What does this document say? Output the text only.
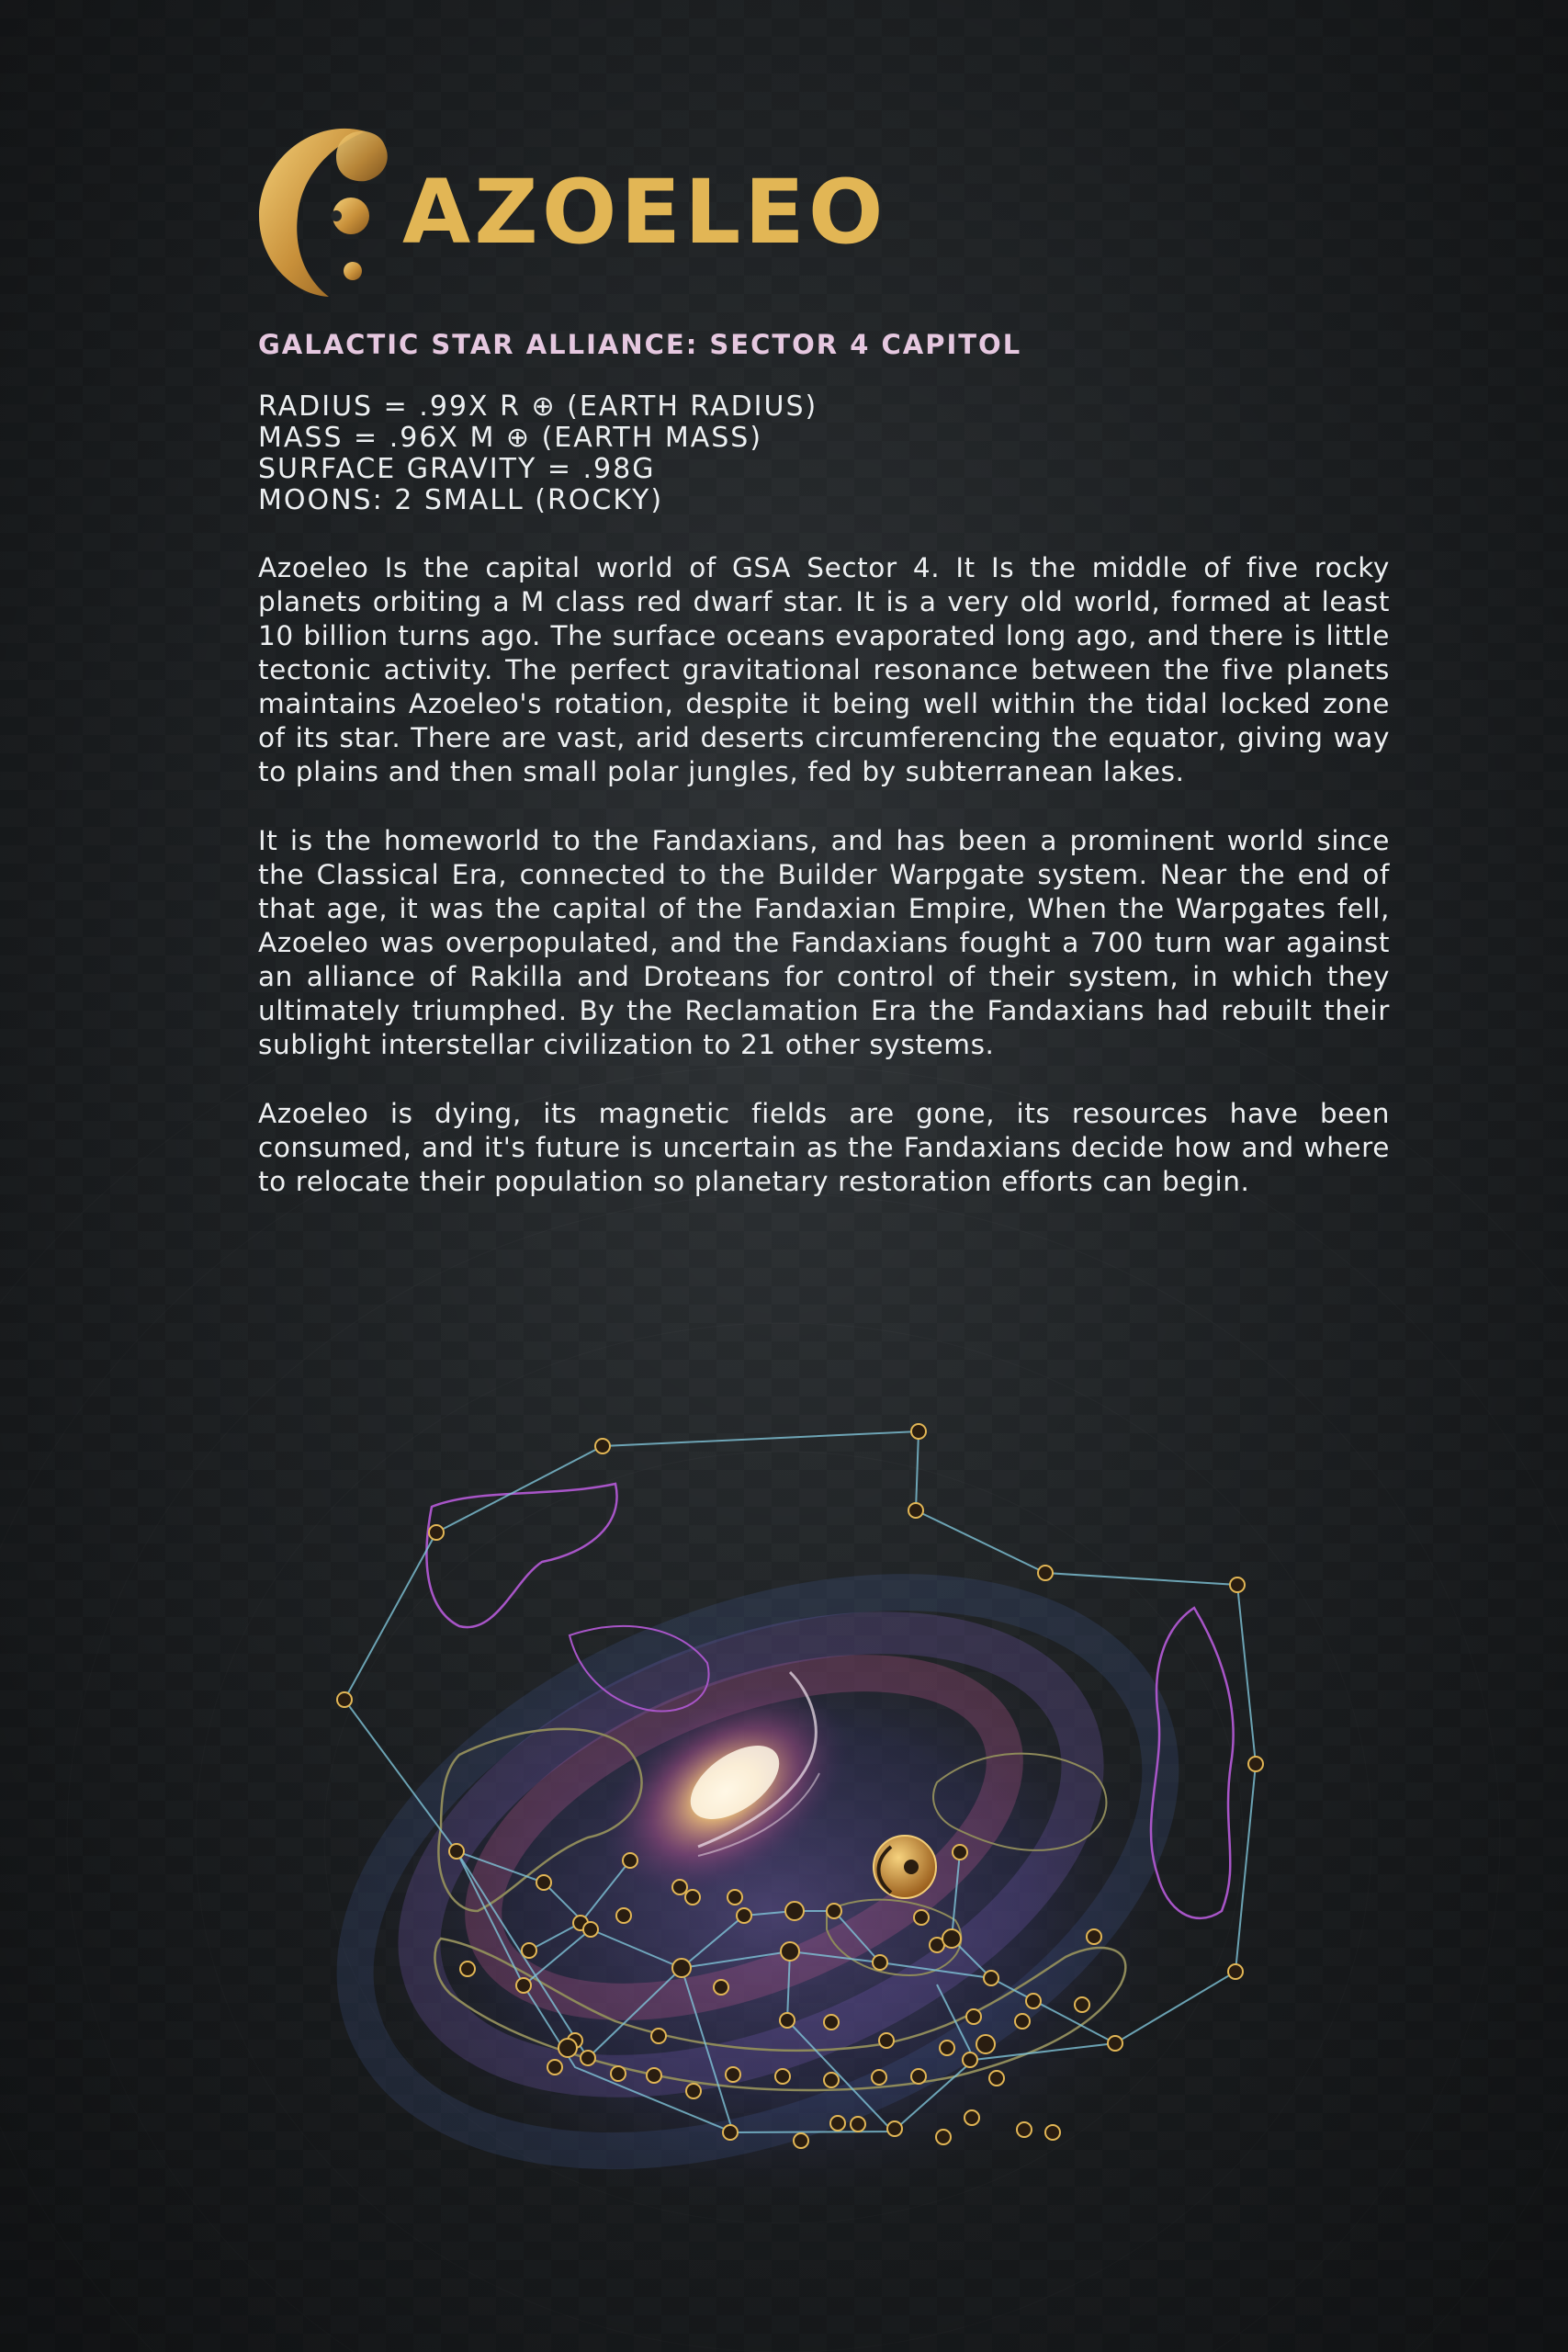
AZOELEO
GALACTIC STAR ALLIANCE: SECTOR 4 CAPITOL
RADIUS = .99X R ⊕ (EARTH RADIUS)
MASS = .96X M ⊕ (EARTH MASS)
SURFACE GRAVITY = .98G
MOONS: 2 SMALL (ROCKY)

Azoeleo Is the capital world of GSA Sector 4. It Is the middle of five rocky planets orbiting a M class red dwarf star. It is a very old world, formed at least 10 billion turns ago. The surface oceans evaporated long ago, and there is little tectonic activity. The perfect gravitational resonance between the five planets maintains Azoeleo's rotation, despite it being well within the tidal locked zone of its star. There are vast, arid deserts circumferencing the equator, giving way to plains and then small polar jungles, fed by subterranean lakes.

It is the homeworld to the Fandaxians, and has been a prominent world since the Classical Era, connected to the Builder Warpgate system. Near the end of that age, it was the capital of the Fandaxian Empire, When the Warpgates fell, Azoeleo was overpopulated, and the Fandaxians fought a 700 turn war against an alliance of Rakilla and Droteans for control of their system, in which they ultimately triumphed. By the Reclamation Era the Fandaxians had rebuilt their sublight interstellar civilization to 21 other systems.

Azoeleo is dying, its magnetic fields are gone, its resources have been consumed, and it's future is uncertain as the Fandaxians decide how and where to relocate their population so planetary restoration efforts can begin.
